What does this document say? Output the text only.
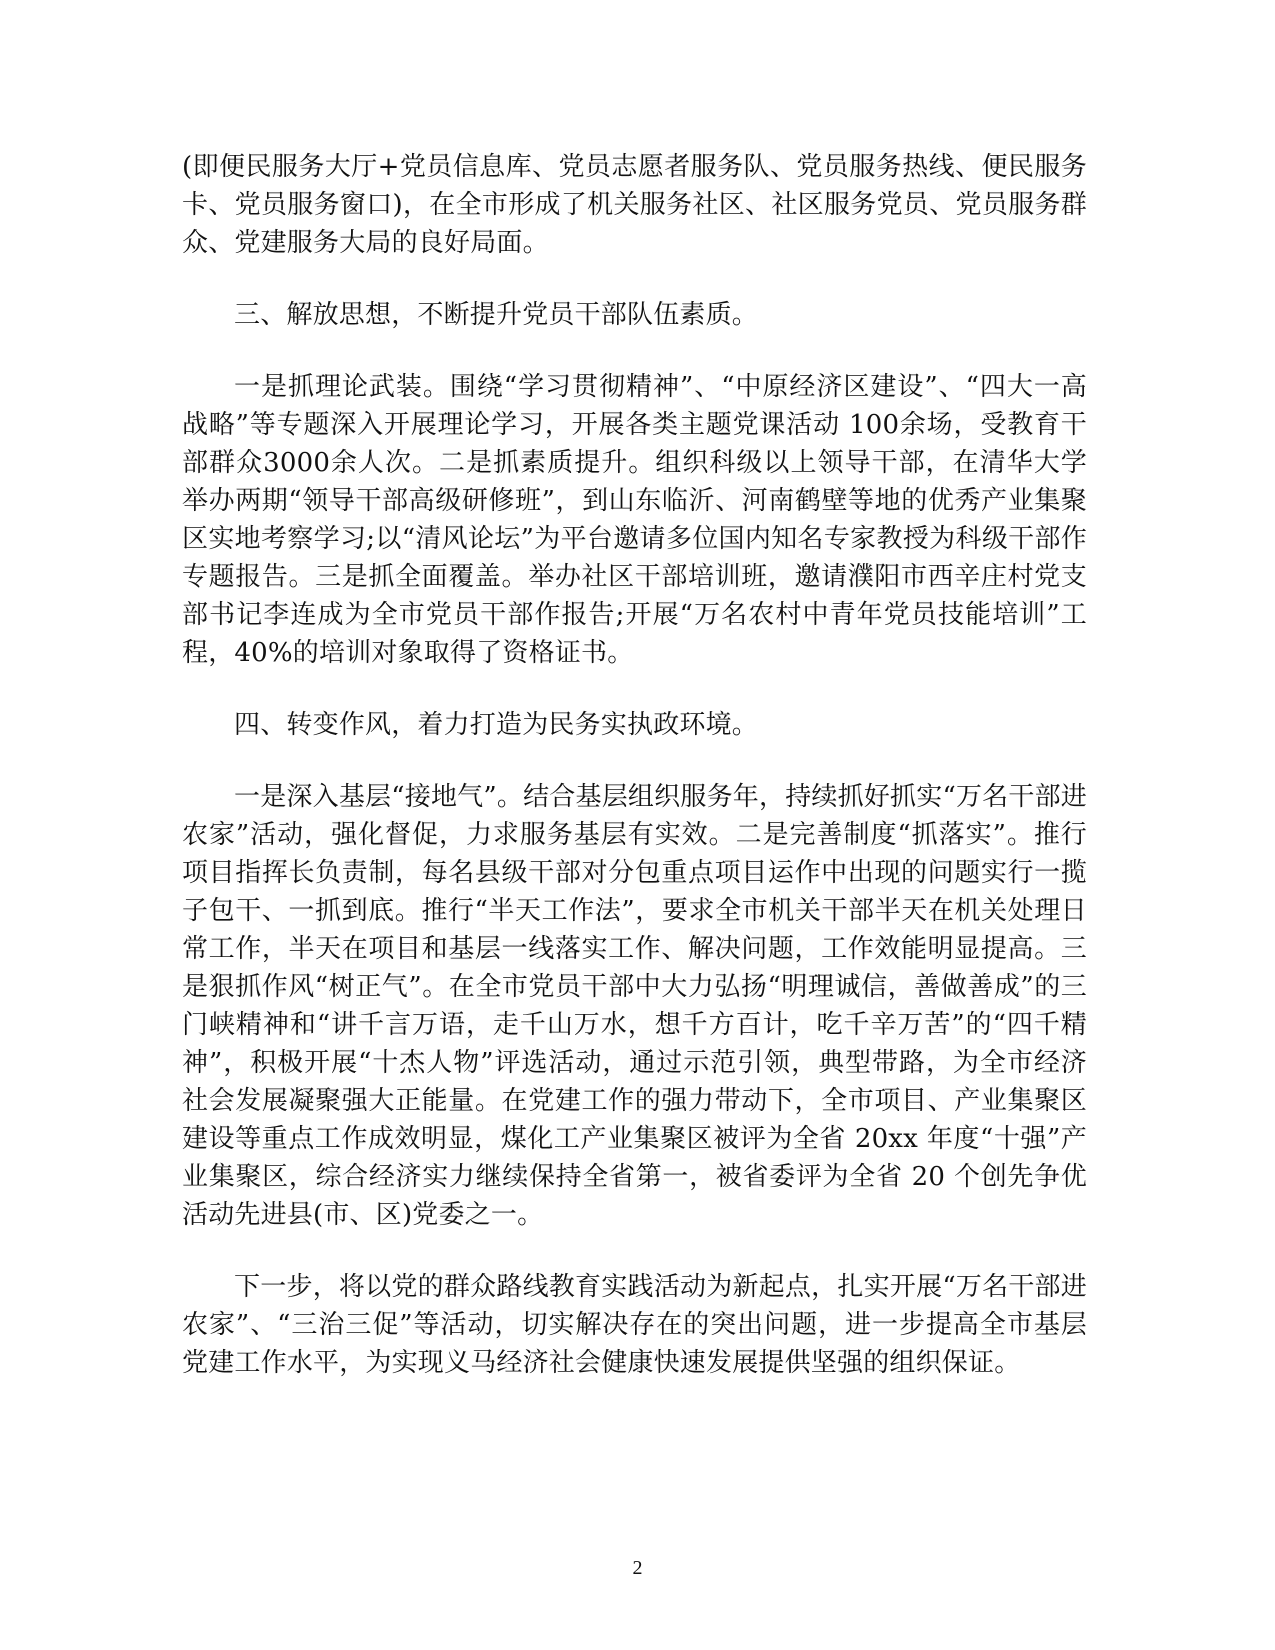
(即便民服务大厅+党员信息库、党员志愿者服务队、党员服务热线、便民服务卡、党员服务窗口)，在全市形成了机关服务社区、社区服务党员、党员服务群众、党建服务大局的良好局面。

三、解放思想，不断提升党员干部队伍素质。

一是抓理论武装。围绕“学习贯彻精神”、“中原经济区建设”、“四大一高战略”等专题深入开展理论学习，开展各类主题党课活动 100余场，受教育干部群众3000余人次。二是抓素质提升。组织科级以上领导干部，在清华大学举办两期“领导干部高级研修班”，到山东临沂、河南鹤壁等地的优秀产业集聚区实地考察学习;以“清风论坛”为平台邀请多位国内知名专家教授为科级干部作专题报告。三是抓全面覆盖。举办社区干部培训班，邀请濮阳市西辛庄村党支部书记李连成为全市党员干部作报告;开展“万名农村中青年党员技能培训”工程，40%的培训对象取得了资格证书。

四、转变作风，着力打造为民务实执政环境。

一是深入基层“接地气”。结合基层组织服务年，持续抓好抓实“万名干部进农家”活动，强化督促，力求服务基层有实效。二是完善制度“抓落实”。推行项目指挥长负责制，每名县级干部对分包重点项目运作中出现的问题实行一揽子包干、一抓到底。推行“半天工作法”，要求全市机关干部半天在机关处理日常工作，半天在项目和基层一线落实工作、解决问题，工作效能明显提高。三是狠抓作风“树正气”。在全市党员干部中大力弘扬“明理诚信，善做善成”的三门峡精神和“讲千言万语，走千山万水，想千方百计，吃千辛万苦”的“四千精神”，积极开展“十杰人物”评选活动，通过示范引领，典型带路，为全市经济社会发展凝聚强大正能量。在党建工作的强力带动下，全市项目、产业集聚区建设等重点工作成效明显，煤化工产业集聚区被评为全省 20xx 年度“十强”产业集聚区，综合经济实力继续保持全省第一，被省委评为全省 20 个创先争优活动先进县(市、区)党委之一。

下一步，将以党的群众路线教育实践活动为新起点，扎实开展“万名干部进农家”、“三治三促”等活动，切实解决存在的突出问题，进一步提高全市基层党建工作水平，为实现义马经济社会健康快速发展提供坚强的组织保证。

2
